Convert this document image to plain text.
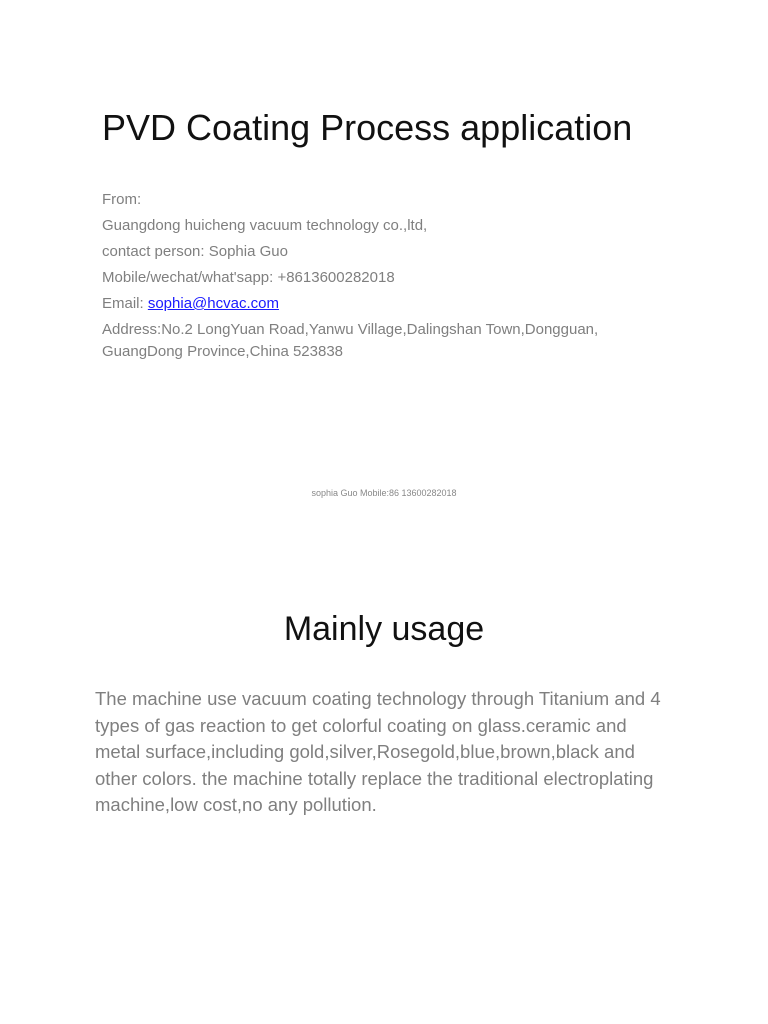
PVD Coating Process application
From:
Guangdong huicheng vacuum technology co.,ltd,
contact person: Sophia Guo
Mobile/wechat/what'sapp: +8613600282018
Email: sophia@hcvac.com
Address:No.2 LongYuan Road,Yanwu Village,Dalingshan Town,Dongguan, GuangDong Province,China 523838
sophia Guo Mobile:86 13600282018
Mainly usage

The machine use vacuum coating technology through Titanium and 4 types of gas reaction to get colorful coating on glass.ceramic and metal surface,including gold,silver,Rosegold,blue,brown,black and other colors. the machine totally replace the traditional electroplating machine,low cost,no any pollution.
